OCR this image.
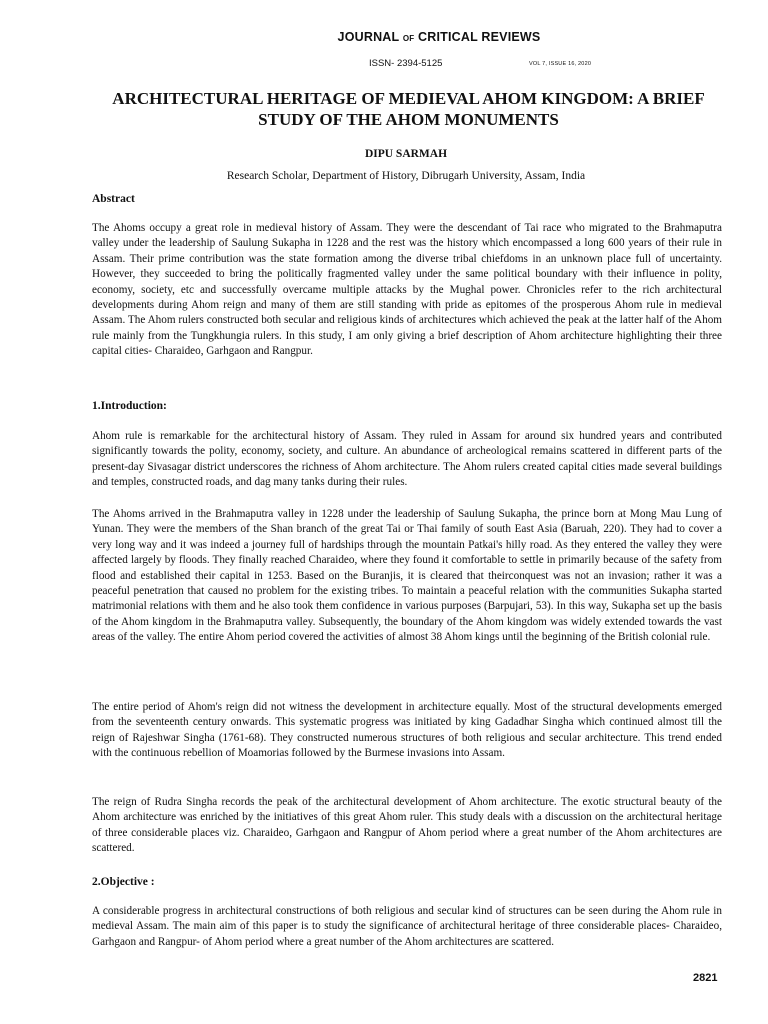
JOURNAL OF CRITICAL REVIEWS
ISSN- 2394-5125	VOL 7, ISSUE 16, 2020
ARCHITECTURAL HERITAGE OF MEDIEVAL AHOM KINGDOM: A BRIEF STUDY OF THE AHOM MONUMENTS
DIPU SARMAH
Research Scholar, Department of History, Dibrugarh University, Assam, India
Abstract

The Ahoms occupy a great role in medieval history of Assam. They were the descendant of Tai race who migrated to the Brahmaputra valley under the leadership of Saulung Sukapha in 1228 and the rest was the history which encompassed a long 600 years of their rule in Assam. Their prime contribution was the state formation among the diverse tribal chiefdoms in an unknown place full of uncertainty. However, they succeeded to bring the politically fragmented valley under the same political boundary with their influence in polity, economy, society, etc and successfully overcame multiple attacks by the Mughal power. Chronicles refer to the rich architectural developments during Ahom reign and many of them are still standing with pride as epitomes of the prosperous Ahom rule in medieval Assam. The Ahom rulers constructed both secular and religious kinds of architectures which achieved the peak at the latter half of the Ahom rule mainly from the Tungkhungia rulers. In this study, I am only giving a brief description of Ahom architecture highlighting their three capital cities- Charaideo, Garhgaon and Rangpur.

1.Introduction:

Ahom rule is remarkable for the architectural history of Assam. They ruled in Assam for around six hundred years and contributed significantly towards the polity, economy, society, and culture. An abundance of archeological remains scattered in different parts of the present-day Sivasagar district underscores the richness of Ahom architecture. The Ahom rulers created capital cities made several buildings and temples, constructed roads, and dag many tanks during their rules.

The Ahoms arrived in the Brahmaputra valley in 1228 under the leadership of Saulung Sukapha, the prince born at Mong Mau Lung of Yunan. They were the members of the Shan branch of the great Tai or Thai family of south East Asia (Baruah, 220). They had to cover a very long way and it was indeed a journey full of hardships through the mountain Patkai's hilly road. As they entered the valley they were affected largely by floods. They finally reached Charaideo, where they found it comfortable to settle in primarily because of the safety from flood and established their capital in 1253. Based on the Buranjis, it is cleared that theirconquest was not an invasion; rather it was a peaceful penetration that caused no problem for the existing tribes. To maintain a peaceful relation with the communities Sukapha started matrimonial relations with them and he also took them confidence in various purposes (Barpujari, 53). In this way, Sukapha set up the basis of the Ahom kingdom in the Brahmaputra valley. Subsequently, the boundary of the Ahom kingdom was widely extended towards the vast areas of the valley. The entire Ahom period covered the activities of almost 38 Ahom kings until the beginning of the British colonial rule.

The entire period of Ahom's reign did not witness the development in architecture equally. Most of the structural developments emerged from the seventeenth century onwards. This systematic progress was initiated by king Gadadhar Singha which continued almost till the reign of Rajeshwar Singha (1761-68). They constructed numerous structures of both religious and secular architecture. This trend ended with the continuous rebellion of Moamorias followed by the Burmese invasions into Assam.

The reign of Rudra Singha records the peak of the architectural development of Ahom architecture. The exotic structural beauty of the Ahom architecture was enriched by the initiatives of this great Ahom ruler. This study deals with a discussion on the architectural heritage of three considerable places viz. Charaideo, Garhgaon and Rangpur of Ahom period where a great number of the Ahom architectures are scattered.

2.Objective :

A considerable progress in architectural constructions of both religious and secular kind of structures can be seen during the Ahom rule in medieval Assam. The main aim of this paper is to study the significance of architectural heritage of three considerable places- Charaideo, Garhgaon and Rangpur- of Ahom period where a great number of the Ahom architectures are scattered.

2821
